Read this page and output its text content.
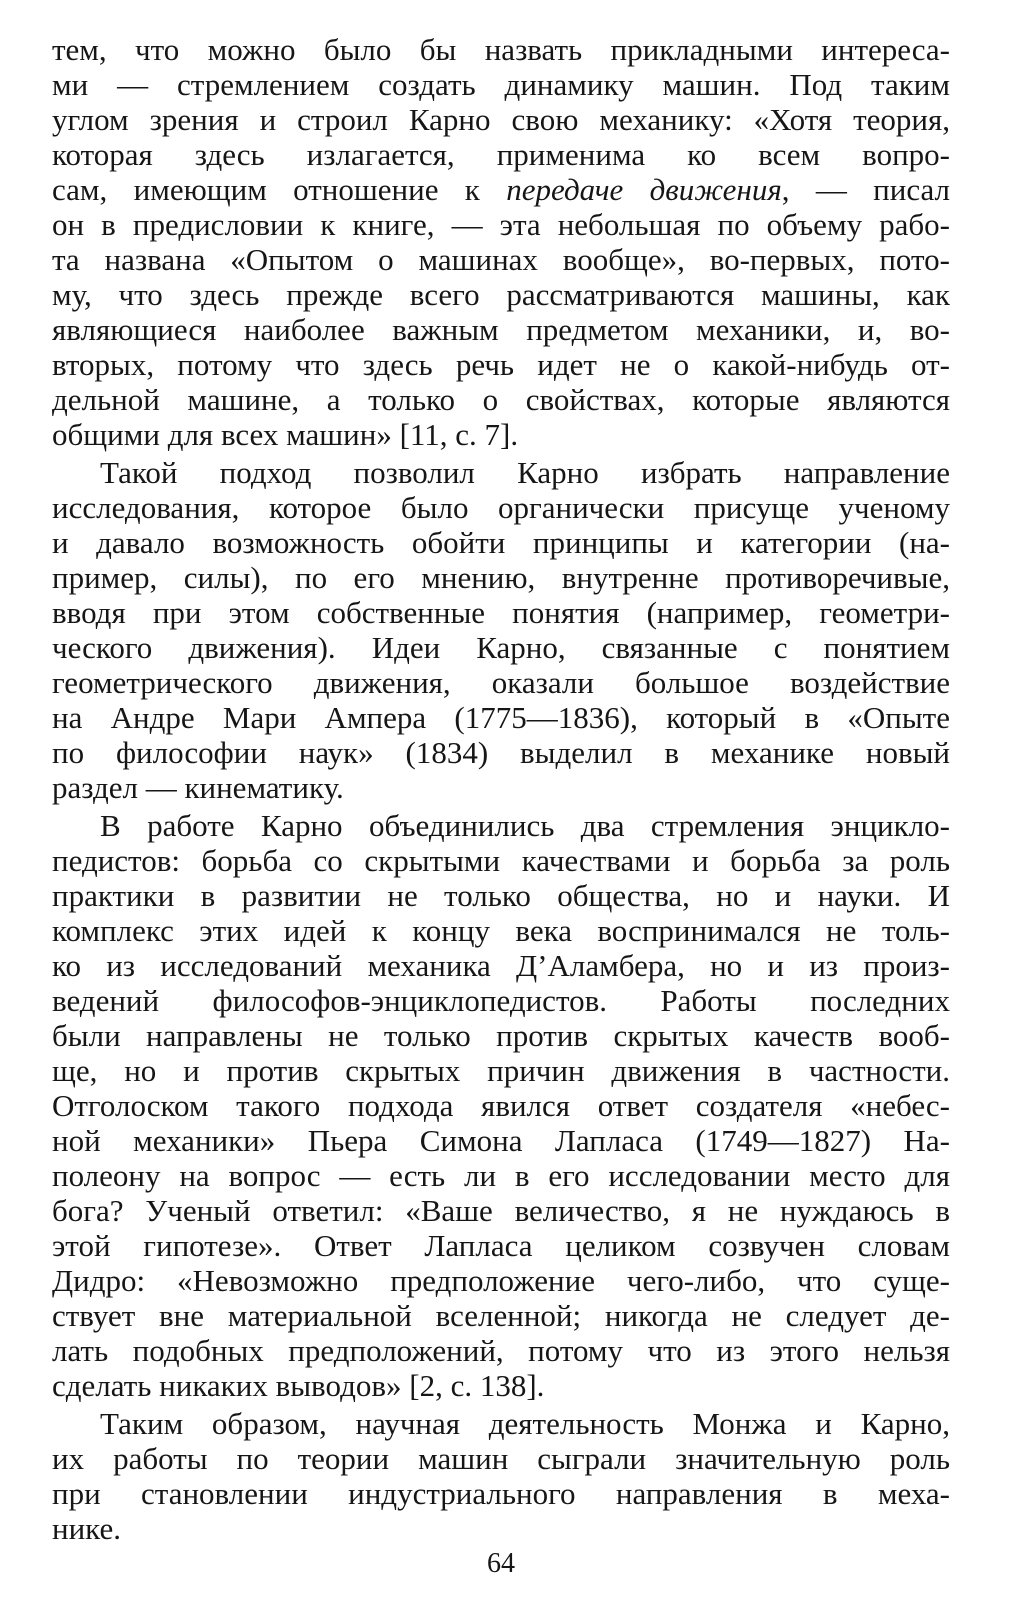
тем, что можно было бы назвать прикладными интереса-
ми — стремлением создать динамику машин. Под таким
углом зрения и строил Карно свою механику: «Хотя теория,
которая здесь излагается, применима ко всем вопро-
сам, имеющим отношение к передаче движения, — писал
он в предисловии к книге, — эта небольшая по объему рабо-
та названа «Опытом о машинах вообще», во-первых, пото-
му, что здесь прежде всего рассматриваются машины, как
являющиеся наиболее важным предметом механики, и, во-
вторых, потому что здесь речь идет не о какой-нибудь от-
дельной машине, а только о свойствах, которые являются
общими для всех машин» [11, с. 7].
Такой подход позволил Карно избрать направление
исследования, которое было органически присуще ученому
и давало возможность обойти принципы и категории (на-
пример, силы), по его мнению, внутренне противоречивые,
вводя при этом собственные понятия (например, геометри-
ческого движения). Идеи Карно, связанные с понятием
геометрического движения, оказали большое воздействие
на Андре Мари Ампера (1775—1836), который в «Опыте
по философии наук» (1834) выделил в механике новый
раздел — кинематику.
В работе Карно объединились два стремления энцикло-
педистов: борьба со скрытыми качествами и борьба за роль
практики в развитии не только общества, но и науки. И
комплекс этих идей к концу века воспринимался не толь-
ко из исследований механика Д’Аламбера, но и из произ-
ведений философов-энциклопедистов. Работы последних
были направлены не только против скрытых качеств вооб-
ще, но и против скрытых причин движения в частности.
Отголоском такого подхода явился ответ создателя «небес-
ной механики» Пьера Симона Лапласа (1749—1827) На-
полеону на вопрос — есть ли в его исследовании место для
бога? Ученый ответил: «Ваше величество, я не нуждаюсь в
этой гипотезе». Ответ Лапласа целиком созвучен словам
Дидро: «Невозможно предположение чего-либо, что суще-
ствует вне материальной вселенной; никогда не следует де-
лать подобных предположений, потому что из этого нельзя
сделать никаких выводов» [2, с. 138].
Таким образом, научная деятельность Монжа и Карно,
их работы по теории машин сыграли значительную роль
при становлении индустриального направления в меха-
нике.
64
